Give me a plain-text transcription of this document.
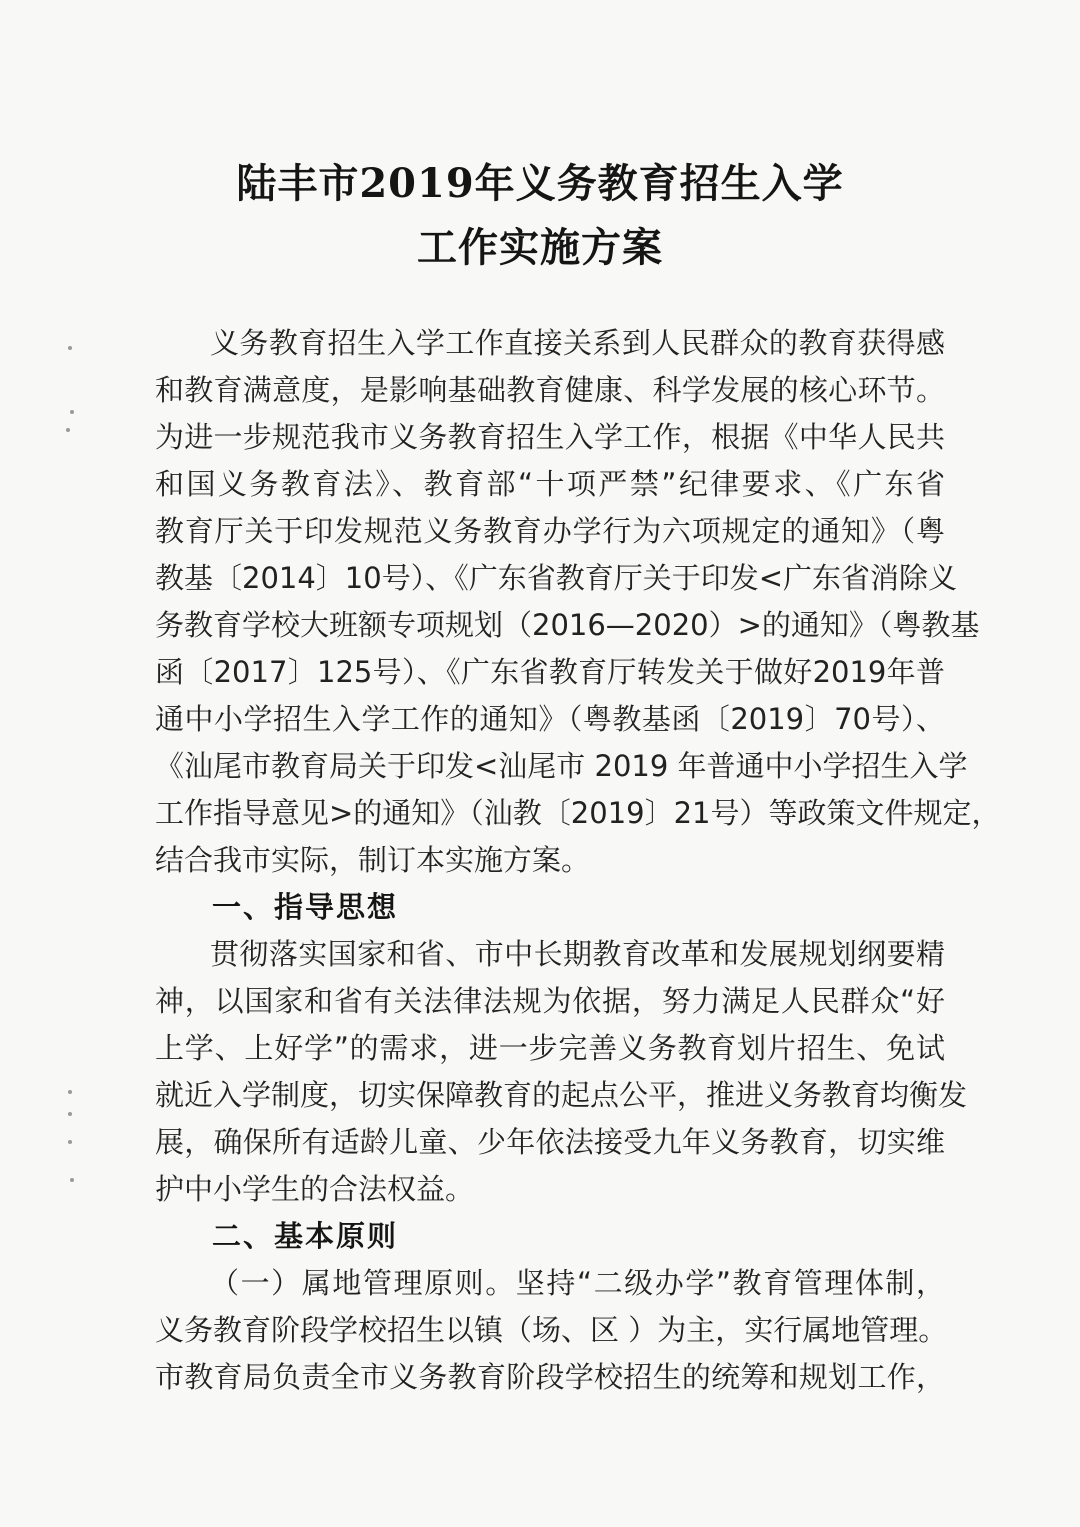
陆丰市2019年义务教育招生入学
工作实施方案
义务教育招生入学工作直接关系到人民群众的教育获得感
和教育满意度，是影响基础教育健康、科学发展的核心环节。
为进一步规范我市义务教育招生入学工作，根据《中华人民共
和国义务教育法》、教育部“十项严禁”纪律要求、《广东省
教育厅关于印发规范义务教育办学行为六项规定的通知》（粤
教基〔2014〕10号）、《广东省教育厅关于印发<广东省消除义
务教育学校大班额专项规划（2016—2020）>的通知》（粤教基
函〔2017〕125号）、《广东省教育厅转发关于做好2019年普
通中小学招生入学工作的通知》（粤教基函〔2019〕70号）、
《汕尾市教育局关于印发<汕尾市 2019 年普通中小学招生入学
工作指导意见>的通知》（汕教〔2019〕21号）等政策文件规定，
结合我市实际，制订本实施方案。
一、指导思想
贯彻落实国家和省、市中长期教育改革和发展规划纲要精
神，以国家和省有关法律法规为依据，努力满足人民群众“好
上学、上好学”的需求，进一步完善义务教育划片招生、免试
就近入学制度，切实保障教育的起点公平，推进义务教育均衡发
展，确保所有适龄儿童、少年依法接受九年义务教育，切实维
护中小学生的合法权益。
二、基本原则
（一）属地管理原则。坚持“二级办学”教育管理体制，
义务教育阶段学校招生以镇（场、区 ）为主，实行属地管理。
市教育局负责全市义务教育阶段学校招生的统筹和规划工作，
